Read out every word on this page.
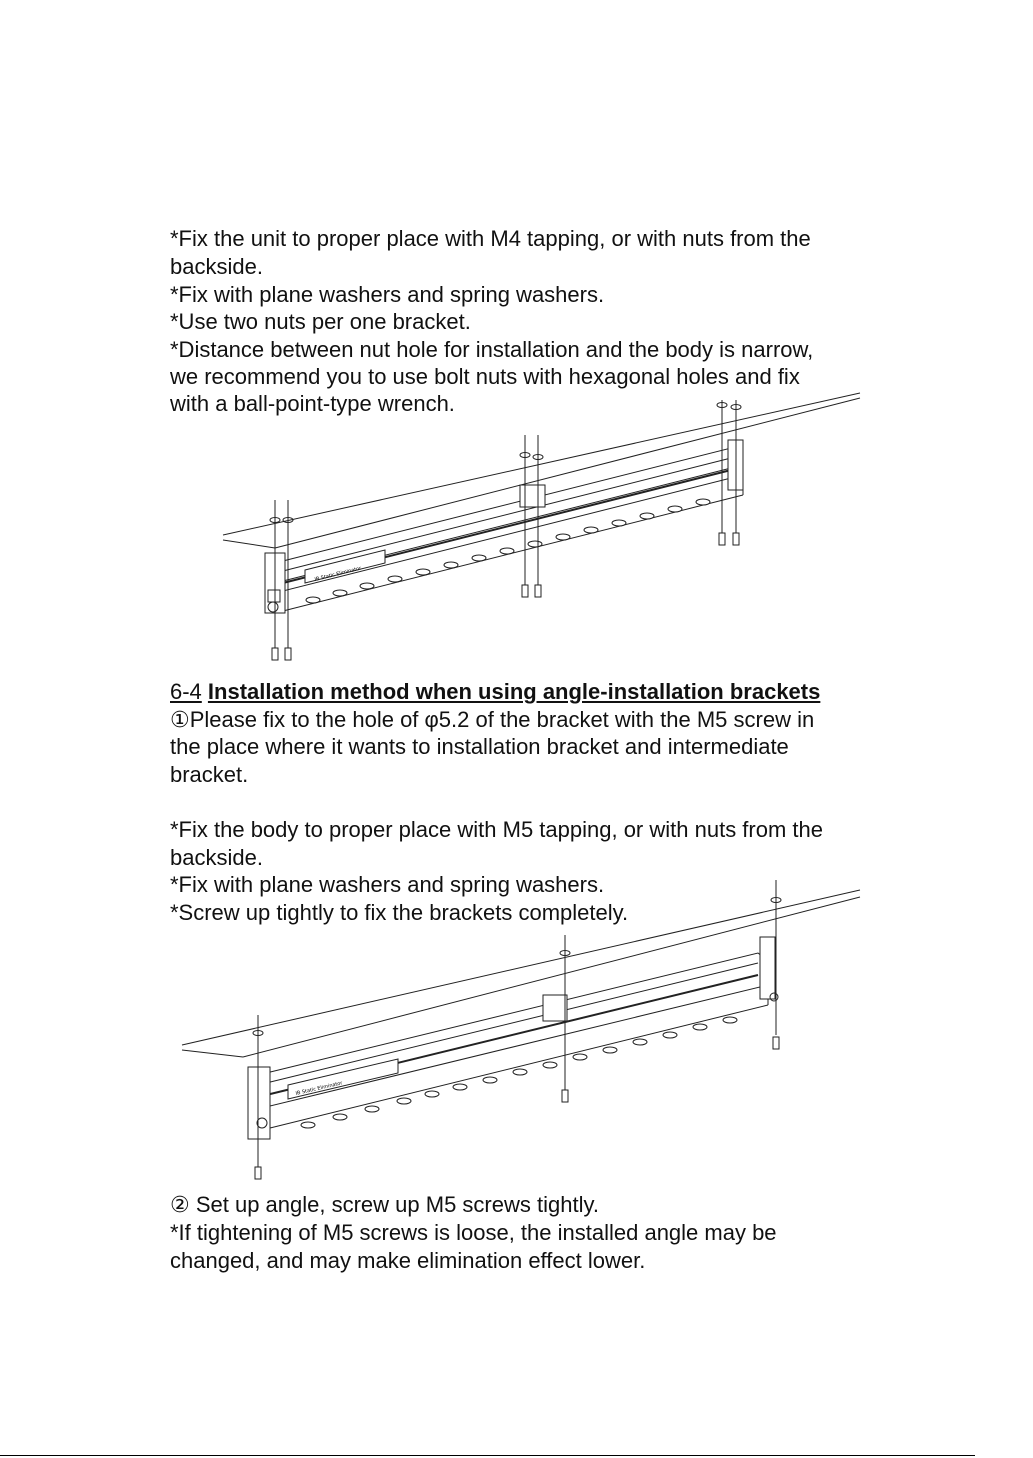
*Fix the unit to proper place with M4 tapping, or with nuts from the
backside.
*Fix with plane washers and spring washers.
*Use two nuts per one bracket.
*Distance between nut hole for installation and the body is narrow,
we recommend you to use bolt nuts with hexagonal holes and fix
with a ball-point-type wrench.
IB Static Eliminator
6-4 Installation method when using angle-installation brackets
①Please fix to the hole of φ5.2 of the bracket with the M5 screw in
the place where it wants to installation bracket and intermediate
bracket.
*Fix the body to proper place with M5 tapping, or with nuts from the
backside.
*Fix with plane washers and spring washers.
*Screw up tightly to fix the brackets completely.
IB Static Eliminator
② Set up angle, screw up M5 screws tightly.
*If tightening of M5 screws is loose, the installed angle may be
changed, and may make elimination effect lower.
